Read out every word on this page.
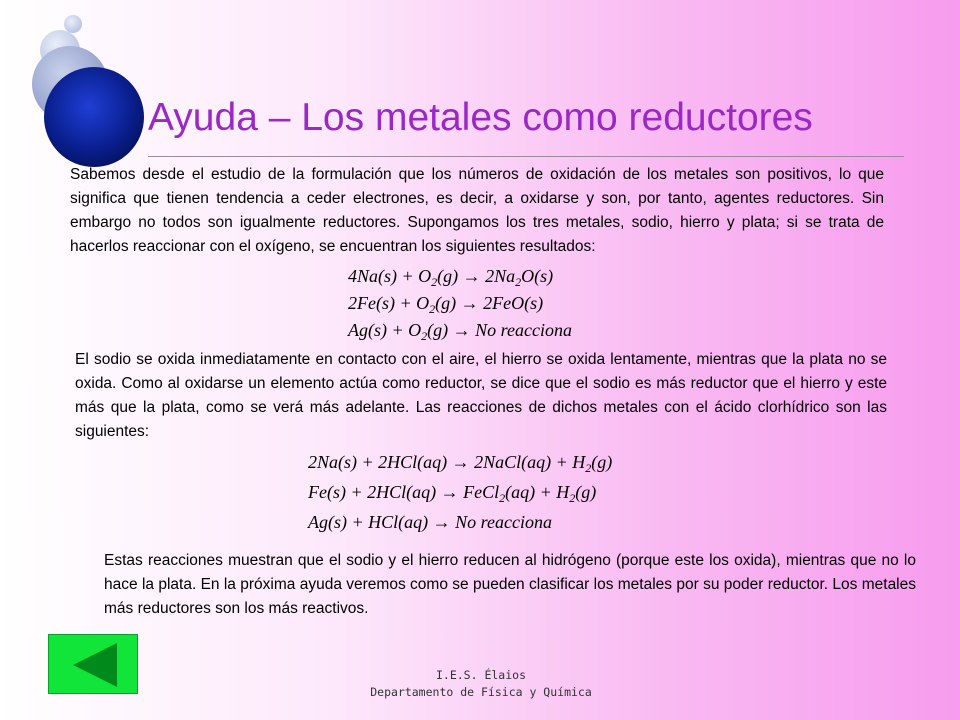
Ayuda – Los metales como reductores
Sabemos desde el estudio de la formulación que los números de oxidación de los metales son positivos, lo que significa que tienen tendencia a ceder electrones, es decir, a oxidarse y son, por tanto, agentes reductores. Sin embargo no todos son igualmente reductores. Supongamos los tres metales, sodio, hierro y plata; si se trata de hacerlos reaccionar con el oxígeno, se encuentran los siguientes resultados:
$4Na(s) + O_2(g) \to 2Na_2O(s)$
$2Fe(s) + O_2(g) \to 2FeO(s)$
$Ag(s) + O_2(g) \to No$ reacciona
El sodio se oxida inmediatamente en contacto con el aire, el hierro se oxida lentamente, mientras que la plata no se oxida. Como al oxidarse un elemento actúa como reductor, se dice que el sodio es más reductor que el hierro y este más que la plata, como se verá más adelante. Las reacciones de dichos metales con el ácido clorhídrico son las siguientes:
2Na(s) + 2HCl(aq) → 2NaCl(aq) + $H_2(g)$
Fe(s) + 2HCl(aq) → FeCl$_2$(aq) + $H_2(g)$
Ag(s) + HCl(aq) → No reacciona
Estas reacciones muestran que el sodio y el hierro reducen al hidrógeno (porque este los oxida), mientras que no lo hace la plata. En la próxima ayuda veremos como se pueden clasificar los metales por su poder reductor. Los metales más reductores son los más reactivos.
I.E.S. Élaios
Departamento de Física y Química
